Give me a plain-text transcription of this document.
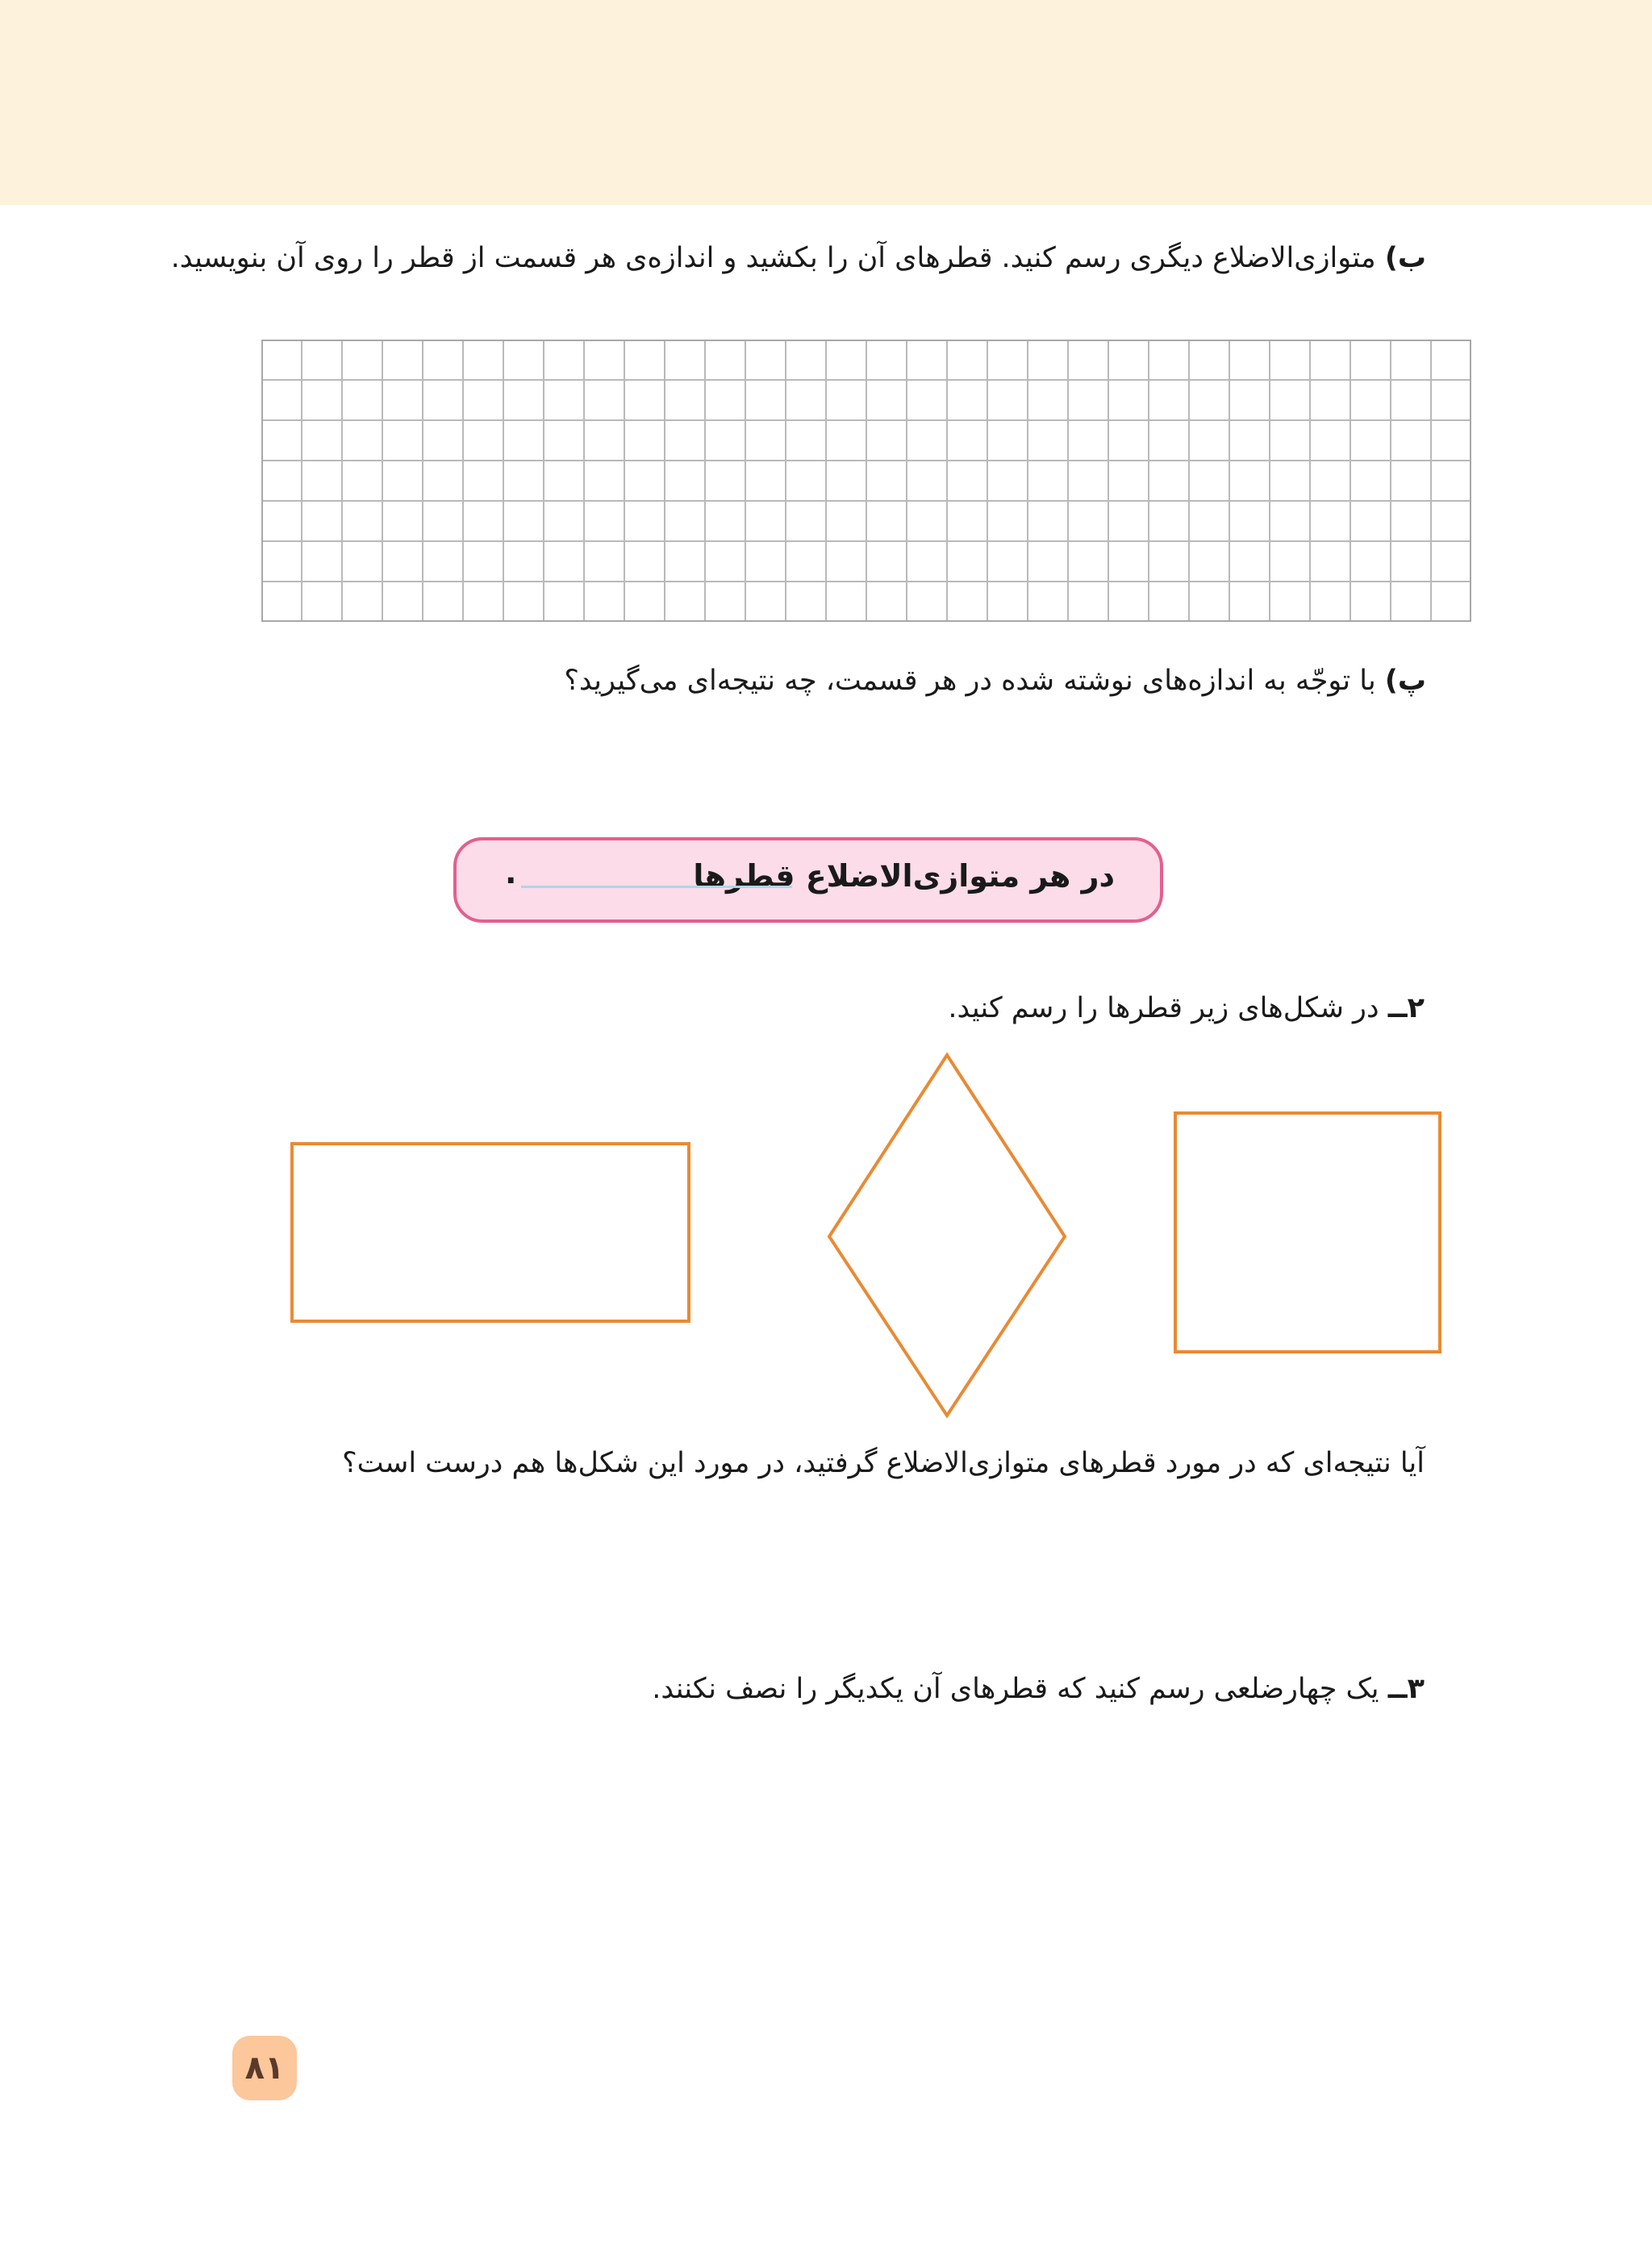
ب) متوازی‌الاضلاع دیگری رسم کنید. قطرهای آن را بکشید و اندازه‌ی هر قسمت از قطر را روی آن بنویسید.
پ) با توجّه به اندازه‌های نوشته شده در هر قسمت، چه نتیجه‌ای می‌گیرید؟
در هر متوازی‌الاضلاع قطرها
.
۲ــ در شکل‌های زیر قطرها را رسم کنید.
آیا نتیجه‌ای که در مورد قطرهای متوازی‌الاضلاع گرفتید، در مورد این شکل‌ها هم درست است؟
۳ــ یک چهارضلعی رسم کنید که قطرهای آن یکدیگر را نصف نکنند.
۸۱
